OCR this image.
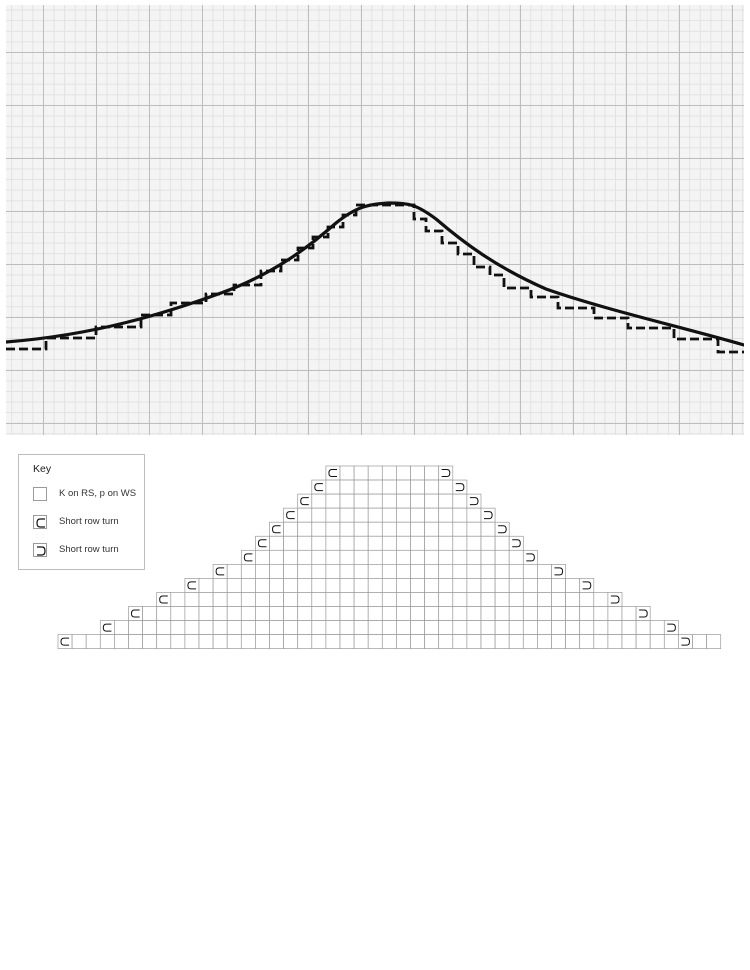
Key
K on RS, p on WS
Short row turn
Short row turn
